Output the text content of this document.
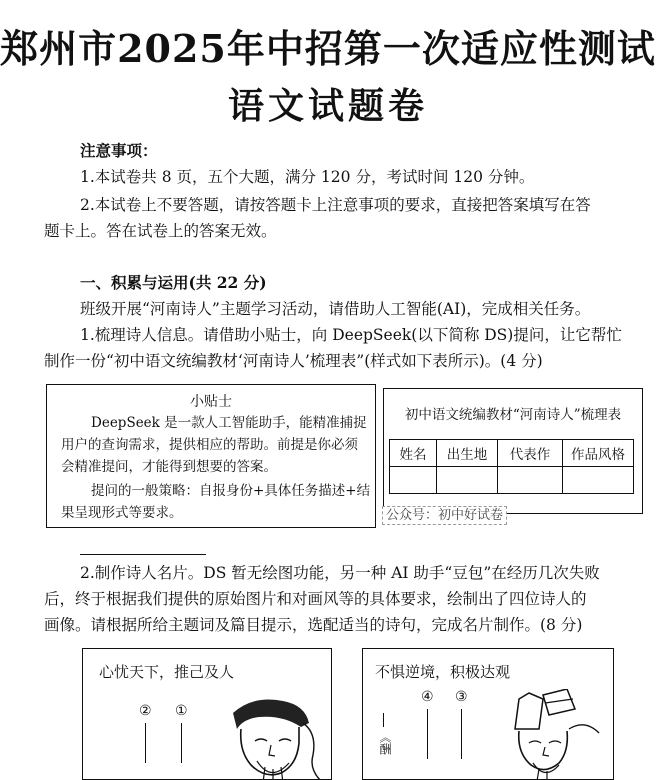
郑州市2025年中招第一次适应性测试
语文试题卷
注意事项：
1.本试卷共 8 页，五个大题，满分 120 分，考试时间 120 分钟。
2.本试卷上不要答题，请按答题卡上注意事项的要求，直接把答案填写在答
题卡上。答在试卷上的答案无效。
一、积累与运用(共 22 分)
班级开展“河南诗人”主题学习活动，请借助人工智能(AI)，完成相关任务。
1.梳理诗人信息。请借助小贴士，向 DeepSeek(以下简称 DS)提问，让它帮忙
制作一份“初中语文统编教材‘河南诗人’梳理表”(样式如下表所示)。(4 分)
小贴士
DeepSeek 是一款人工智能助手，能精准捕捉
用户的查询需求，提供相应的帮助。前提是你必须
会精准提问，才能得到想要的答案。
提问的一般策略：自报身份+具体任务描述+结
果呈现形式等要求。
初中语文统编教材“河南诗人”梳理表
姓名	出生地	代表作	作品风格

公众号：初中好试卷
2.制作诗人名片。DS 暂无绘图功能，另一种 AI 助手“豆包”在经历几次失败
后，终于根据我们提供的原始图片和对画风等的具体要求，绘制出了四位诗人的
画像。请根据所给主题词及篇目提示，选配适当的诗句，完成名片制作。(8 分)
心忧天下，推己及人
② ①
不惧逆境，积极达观
④ ③
《酬
